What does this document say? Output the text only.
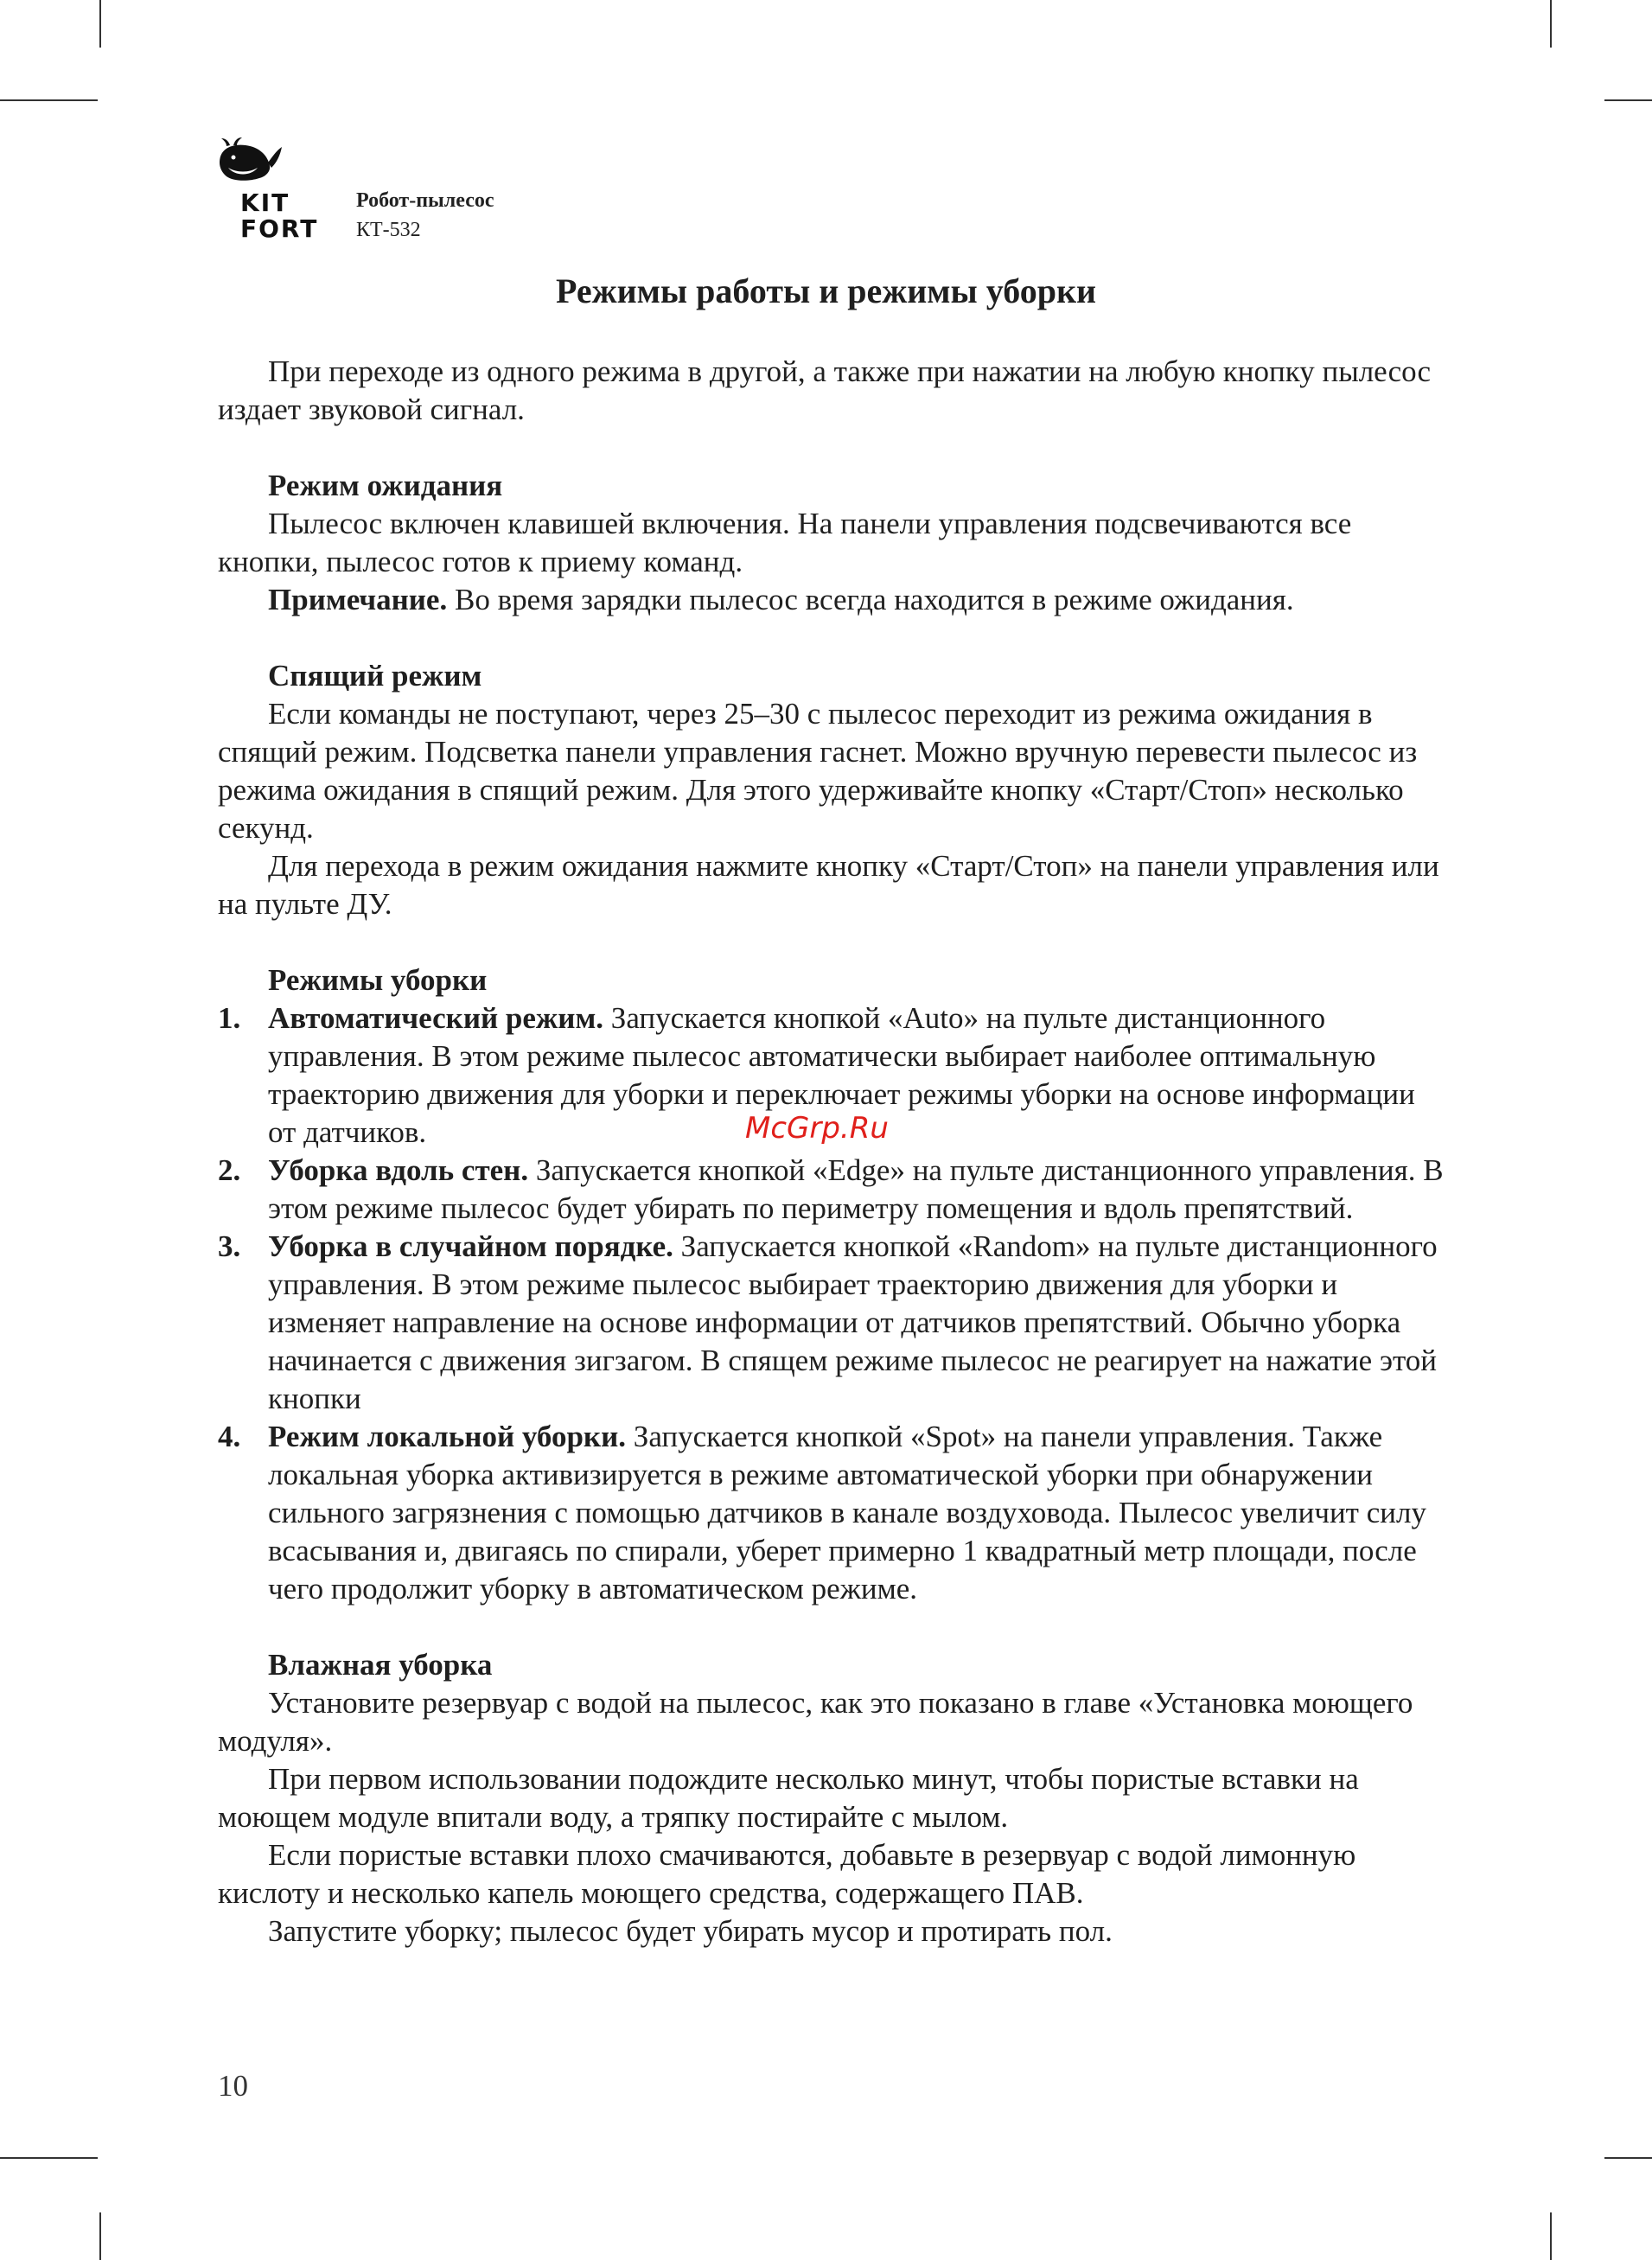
KIT
FORT
Робот-пылесос
КТ-532
Режимы работы и режимы уборки

При переходе из одного режима в другой, а также при нажатии на любую кнопку пылесос издает звуковой сигнал.

Режим ожидания

Пылесос включен клавишей включения. На панели управления подсвечиваются все кнопки, пылесос готов к приему команд.

Примечание. Во время зарядки пылесос всегда находится в режиме ожидания.

Спящий режим

Если команды не поступают, через 25–30 с пылесос переходит из режима ожидания в спящий режим. Подсветка панели управления гаснет. Можно вручную перевести пылесос из режима ожидания в спящий режим. Для этого удерживайте кнопку «Старт/Стоп» несколько секунд.

Для перехода в режим ожидания нажмите кнопку «Старт/Стоп» на панели управления или на пульте ДУ.

Режимы уборки

1. Автоматический режим. Запускается кнопкой «Auto» на пульте дистанционного управления. В этом режиме пылесос автоматически выбирает наиболее оптимальную траекторию движения для уборки и переключает режимы уборки на основе информации от датчиков.
2. Уборка вдоль стен. Запускается кнопкой «Edge» на пульте дистанционного управления. В этом режиме пылесос будет убирать по периметру помещения и вдоль препятствий.
3. Уборка в случайном порядке. Запускается кнопкой «Random» на пульте дистанционного управления. В этом режиме пылесос выбирает траекторию движения для уборки и изменяет направление на основе информации от датчиков препятствий. Обычно уборка начинается с движения зигзагом. В спящем режиме пылесос не реагирует на нажатие этой кнопки
4. Режим локальной уборки. Запускается кнопкой «Spot» на панели управления. Также локальная уборка активизируется в режиме автоматической уборки при обнаружении сильного загрязнения с помощью датчиков в канале воздуховода. Пылесос увеличит силу всасывания и, двигаясь по спирали, уберет примерно 1 квадратный метр площади, после чего продолжит уборку в автоматическом режиме.

Влажная уборка

Установите резервуар с водой на пылесос, как это показано в главе «Установка моющего модуля».

При первом использовании подождите несколько минут, чтобы пористые вставки на моющем модуле впитали воду, а тряпку постирайте с мылом.

Если пористые вставки плохо смачиваются, добавьте в резервуар с водой лимонную кислоту и несколько капель моющего средства, содержащего ПАВ.

Запустите уборку; пылесос будет убирать мусор и протирать пол.

McGrp.Ru
10
